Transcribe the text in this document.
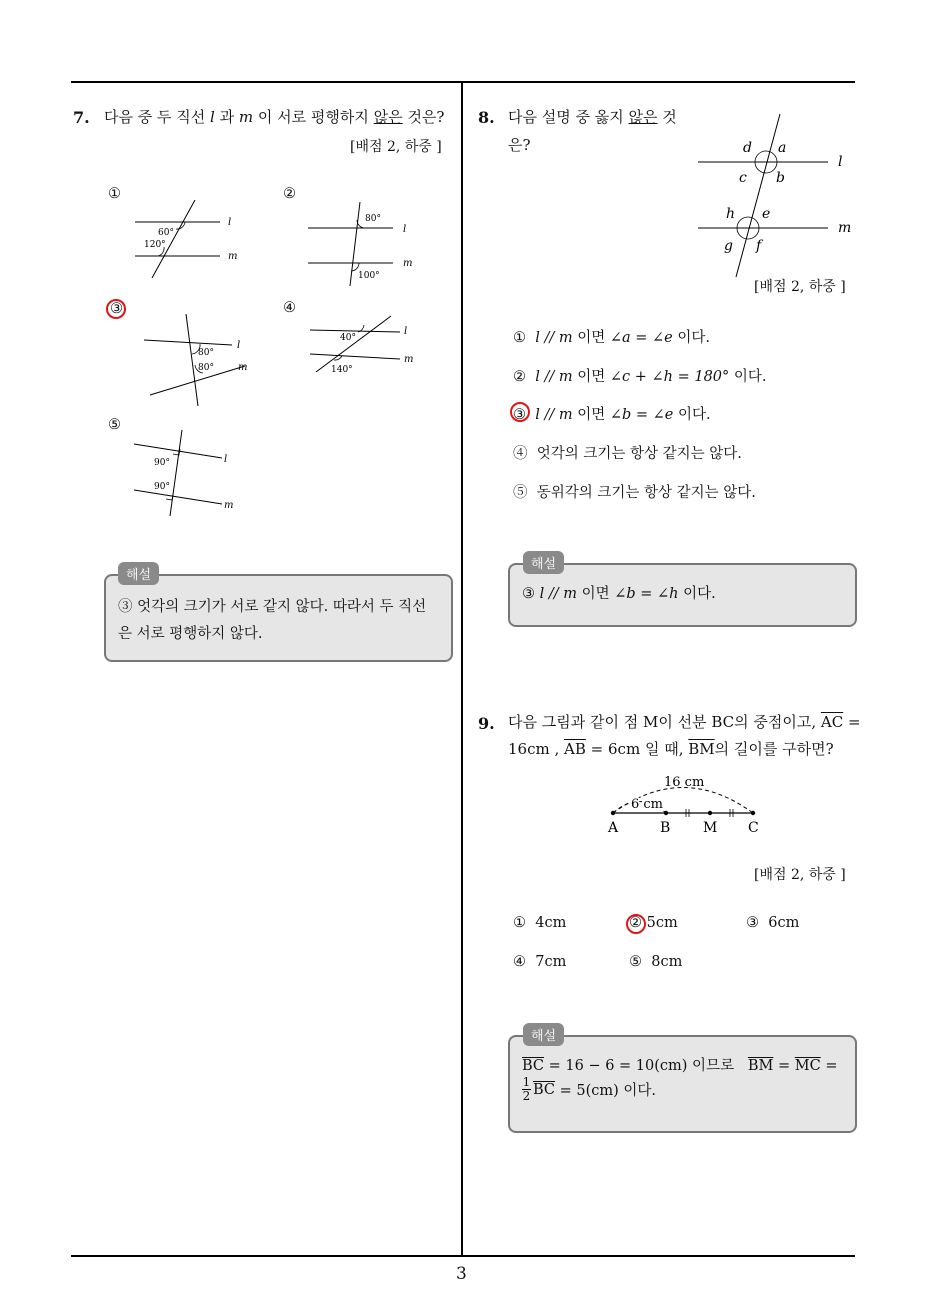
3
7. 다음 중 두 직선 l 과 m 이 서로 평행하지 않은 것은?
[배점 2, 하중 ]
①	②
③	④
⑤
60°
120°
l
m
80°
100°
l
m
80°
80°
l
m
40°
140°
l
m
90°
90°
l
m
해설
③ 엇각의 크기가 서로 같지 않다. 따라서 두 직선
은 서로 평행하지 않다.
8. 다음 설명 중 옳지 않은 것
은?	d a
c b
h e
g f
l
m
[배점 2, 하중 ]
① l // m 이면 ∠a = ∠e 이다.
② l // m 이면 ∠c + ∠h = 180° 이다.
③ l // m 이면 ∠b = ∠e 이다.
④ 엇각의 크기는 항상 같지는 않다.
⑤ 동위각의 크기는 항상 같지는 않다.
해설
③ l // m 이면 ∠b = ∠h 이다.
9. 다음 그림과 같이 점 M이 선분 BC의 중점이고, $\overline{AC}$ =
16cm , $\overline{AB} = 6cm$ 일 때, $\overline{BM}$의 길이를 구하면?
16 cm
6 cm
A	B M C
[배점 2, 하중 ]
① 4cm	② 5cm	③ 6cm
④ 7cm	⑤ 8cm
해설
$\overline{BC} = 16 - 6 = 10(cm)$ 이므로 $\overline{BM} = \overline{MC}$ =
1
2 $\overline{BC}$
= 5(cm) 이다.
